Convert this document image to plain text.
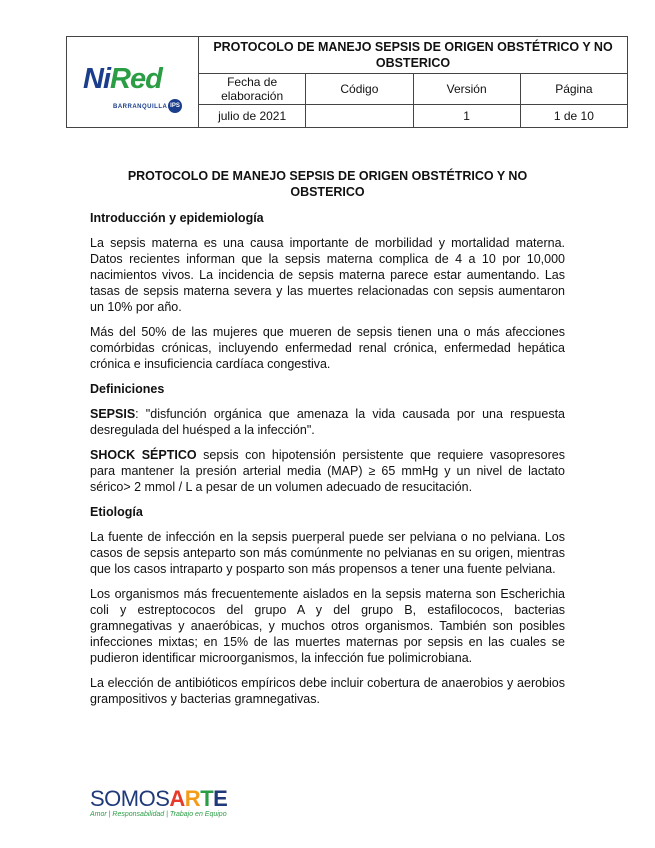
NiRed
BARRANQUILLA IPS	PROTOCOLO DE MANEJO SEPSIS DE ORIGEN OBSTÉTRICO Y NO OBSTERICO			
	Fecha de elaboración	Código	Versión	Página
	julio de 2021		1	1 de 10
PROTOCOLO DE MANEJO SEPSIS DE ORIGEN OBSTÉTRICO Y NO OBSTERICO
Introducción y epidemiología

La sepsis materna es una causa importante de morbilidad y mortalidad materna. Datos recientes informan que la sepsis materna complica de 4 a 10 por 10,000 nacimientos vivos. La incidencia de sepsis materna parece estar aumentando. Las tasas de sepsis materna severa y las muertes relacionadas con sepsis aumentaron un 10% por año.

Más del 50% de las mujeres que mueren de sepsis tienen una o más afecciones comórbidas crónicas, incluyendo enfermedad renal crónica, enfermedad hepática crónica e insuficiencia cardíaca congestiva.

Definiciones

SEPSIS: "disfunción orgánica que amenaza la vida causada por una respuesta desregulada del huésped a la infección".

SHOCK SÉPTICO sepsis con hipotensión persistente que requiere vasopresores para mantener la presión arterial media (MAP) ≥ 65 mmHg y un nivel de lactato sérico> 2 mmol / L a pesar de un volumen adecuado de resucitación.

Etiología

La fuente de infección en la sepsis puerperal puede ser pelviana o no pelviana. Los casos de sepsis anteparto son más comúnmente no pelvianas en su origen, mientras que los casos intraparto y posparto son más propensos a tener una fuente pelviana.

Los organismos más frecuentemente aislados en la sepsis materna son Escherichia coli y estreptococos del grupo A y del grupo B, estafilococos, bacterias gramnegativas y anaeróbicas, y muchos otros organismos. También son posibles infecciones mixtas; en 15% de las muertes maternas por sepsis en las cuales se pudieron identificar microorganismos, la infección fue polimicrobiana.

La elección de antibióticos empíricos debe incluir cobertura de anaerobios y aerobios grampositivos y bacterias gramnegativas.

SOMOSARTE
Amor | Responsabilidad | Trabajo en Equipo
